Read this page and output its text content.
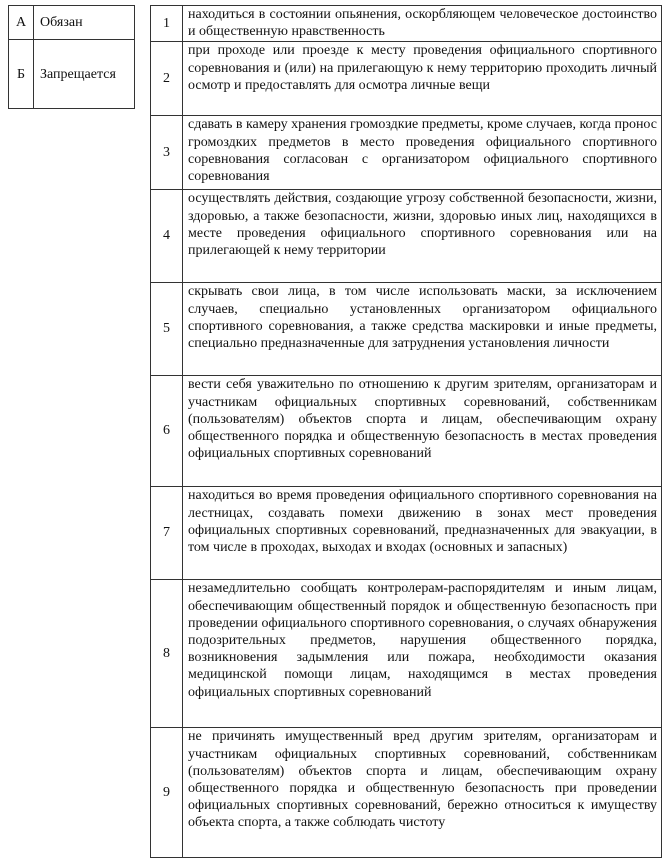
А	Обязан
Б	Запрещается
1	находиться в состоянии опьянения, оскорбляющем человеческое достоинство и общественную нравственность
2	при проходе или проезде к месту проведения официального спортивного соревнования и (или) на прилегающую к нему территорию проходить личный осмотр и предоставлять для осмотра личные вещи
3	сдавать в камеру хранения громоздкие предметы, кроме случаев, когда пронос громоздких предметов в место проведения официального спортивного соревнования согласован с организатором официального спортивного соревнования
4	осуществлять действия, создающие угрозу собственной безопасности, жизни, здоровью, а также безопасности, жизни, здоровью иных лиц, находящихся в месте проведения официального спортивного соревнования или на прилегающей к нему территории
5	скрывать свои лица, в том числе использовать маски, за исключением случаев, специально установленных организатором официального спортивного соревнования, а также средства маскировки и иные предметы, специально предназначенные для затруднения установления личности
6	вести себя уважительно по отношению к другим зрителям, организаторам и участникам официальных спортивных соревнований, собственникам (пользователям) объектов спорта и лицам, обеспечивающим охрану общественного порядка и общественную безопасность в местах проведения официальных спортивных соревнований
7	находиться во время проведения официального спортивного соревнования на лестницах, создавать помехи движению в зонах мест проведения официальных спортивных соревнований, предназначенных для эвакуации, в том числе в проходах, выходах и входах (основных и запасных)
8	незамедлительно сообщать контролерам-распорядителям и иным лицам, обеспечивающим общественный порядок и общественную безопасность при проведении официального спортивного соревнования, о случаях обнаружения подозрительных предметов, нарушения общественного порядка, возникновения задымления или пожара, необходимости оказания медицинской помощи лицам, находящимся в местах проведения официальных спортивных соревнований
9	не причинять имущественный вред другим зрителям, организаторам и участникам официальных спортивных соревнований, собственникам (пользователям) объектов спорта и лицам, обеспечивающим охрану общественного порядка и общественную безопасность при проведении официальных спортивных соревнований, бережно относиться к имуществу объекта спорта, а также соблюдать чистоту
